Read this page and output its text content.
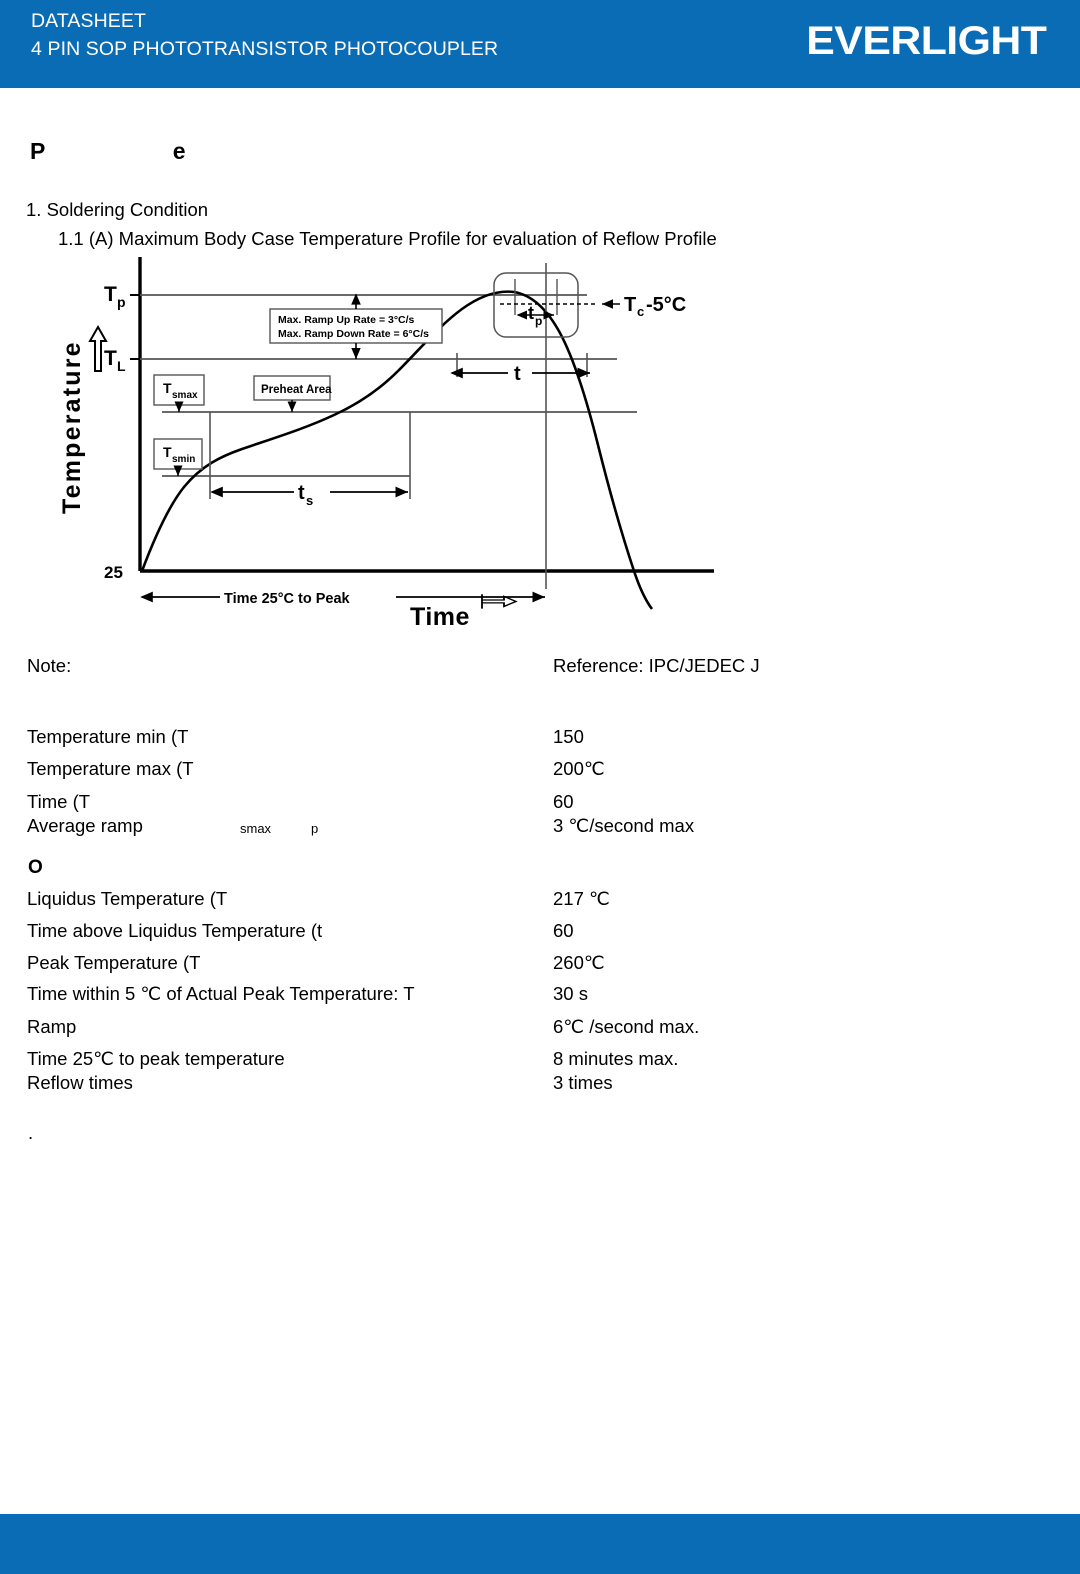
DATASHEET
4 PIN SOP PHOTOTRANSISTOR PHOTOCOUPLER	EVERLIGHT
P                    e
1. Soldering Condition
1.1 (A) Maximum Body Case Temperature Profile for evaluation of Reflow Profile
Temperature
T p
T L
25
Max. Ramp Up Rate = 3°C/s
Max. Ramp Down Rate = 6°C/s
T smax	Preheat Area
T smin
t s
t
t p
T c -5°C
Time 25°C to Peak
Time
Note:	Reference: IPC/JEDEC J
Temperature min (T	150
Temperature max (T	200℃
Time (T	60
Average ramp	3 ℃/second max
smax	p
O
Liquidus Temperature (T	217 ℃
Time above Liquidus Temperature (t	60
Peak Temperature (T	260℃
Time within 5 ℃ of Actual Peak Temperature: T	30 s
Ramp	6℃ /second max.
Time 25℃ to peak temperature	8 minutes max.
Reflow times	3 times
.
